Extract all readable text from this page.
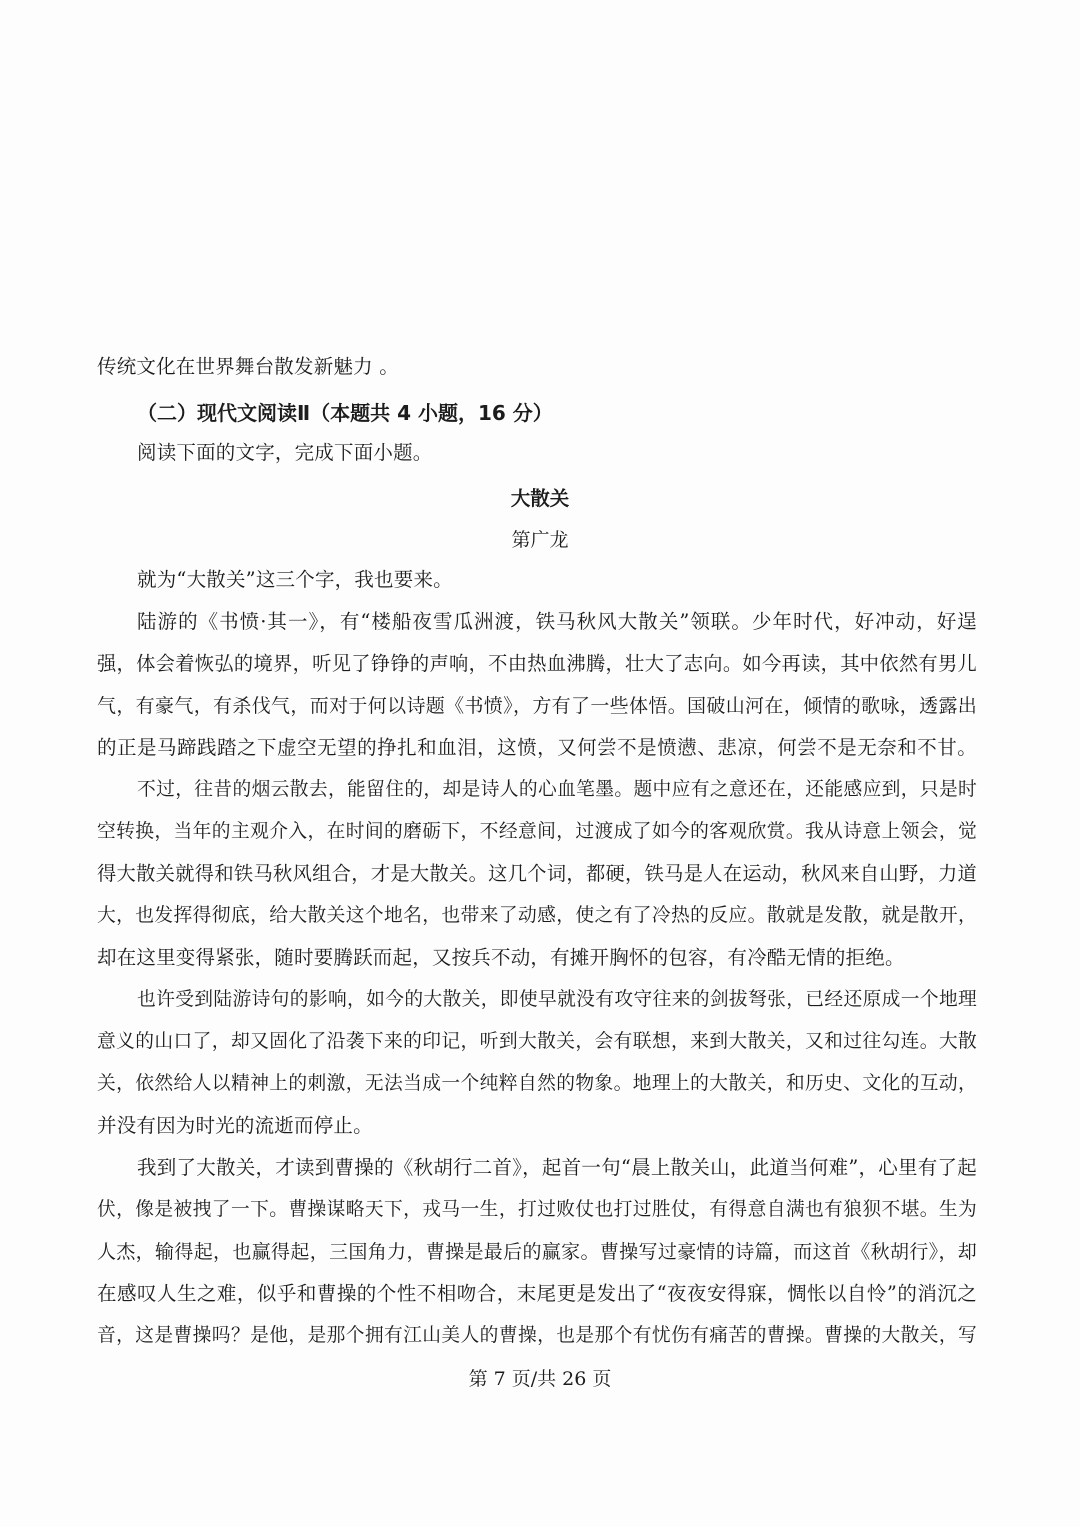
传统文化在世界舞台散发新魅力 。
（二）现代文阅读Ⅱ（本题共 4 小题，16 分）
阅读下面的文字，完成下面小题。
大散关
第广龙
就为“大散关”这三个字，我也要来。
陆游的《书愤·其一》，有“楼船夜雪瓜洲渡，铁马秋风大散关”领联。少年时代，好冲动，好逞
强，体会着恢弘的境界，听见了铮铮的声响，不由热血沸腾，壮大了志向。如今再读，其中依然有男儿
气，有豪气，有杀伐气，而对于何以诗题《书愤》，方有了一些体悟。国破山河在，倾情的歌咏，透露出
的正是马蹄践踏之下虚空无望的挣扎和血泪，这愤，又何尝不是愤懑、悲凉，何尝不是无奈和不甘。
不过，往昔的烟云散去，能留住的，却是诗人的心血笔墨。题中应有之意还在，还能感应到，只是时
空转换，当年的主观介入，在时间的磨砺下，不经意间，过渡成了如今的客观欣赏。我从诗意上领会，觉
得大散关就得和铁马秋风组合，才是大散关。这几个词，都硬，铁马是人在运动，秋风来自山野，力道
大，也发挥得彻底，给大散关这个地名，也带来了动感，使之有了冷热的反应。散就是发散，就是散开，
却在这里变得紧张，随时要腾跃而起，又按兵不动，有摊开胸怀的包容，有冷酷无情的拒绝。
也许受到陆游诗句的影响，如今的大散关，即使早就没有攻守往来的剑拔弩张，已经还原成一个地理
意义的山口了，却又固化了沿袭下来的印记，听到大散关，会有联想，来到大散关，又和过往勾连。大散
关，依然给人以精神上的刺激，无法当成一个纯粹自然的物象。地理上的大散关，和历史、文化的互动，
并没有因为时光的流逝而停止。
我到了大散关，才读到曹操的《秋胡行二首》，起首一句“晨上散关山，此道当何难”，心里有了起
伏，像是被拽了一下。曹操谋略天下，戎马一生，打过败仗也打过胜仗，有得意自满也有狼狈不堪。生为
人杰，输得起，也赢得起，三国角力，曹操是最后的赢家。曹操写过豪情的诗篇，而这首《秋胡行》，却
在感叹人生之难，似乎和曹操的个性不相吻合，末尾更是发出了“夜夜安得寐，惆怅以自怜”的消沉之
音，这是曹操吗？是他，是那个拥有江山美人的曹操，也是那个有忧伤有痛苦的曹操。曹操的大散关，写
第 7 页/共 26 页
